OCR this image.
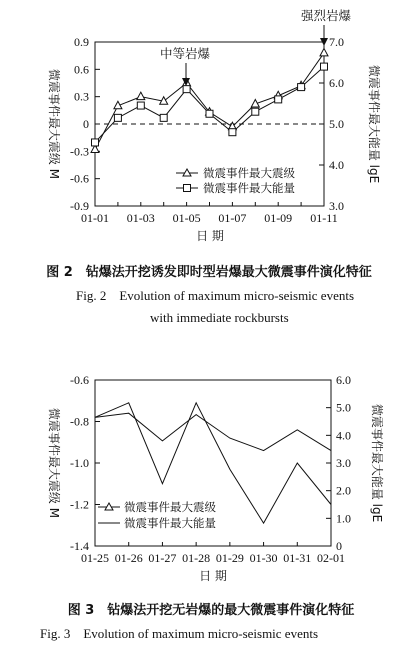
0.9
0.6
0.3
0
-0.3
-0.6
-0.9
7.0
6.0
5.0
4.0
3.0
01-01 01-03 01-05 01-07 01-09 01-11
日 期
微震事件最大震级 M	微震事件最大能量 lgE
微震事件最大震级
微震事件最大能量
中等岩爆
强烈岩爆
图 2　钻爆法开挖诱发即时型岩爆最大微震事件演化特征
Fig. 2　Evolution of maximum micro-seismic events
with immediate rockbursts
-0.6
-0.8
-1.0
-1.2
-1.4
6.0
5.0
4.0
3.0
2.0
1.0
0
01-25 01-26 01-27 01-28 01-29 01-30 01-31 02-01
日 期
微震事件最大震级 M	微震事件最大能量 lgE
微震事件最大震级
微震事件最大能量
图 3　钻爆法开挖无岩爆的最大微震事件演化特征
Fig. 3　Evolution of maximum micro-seismic events
